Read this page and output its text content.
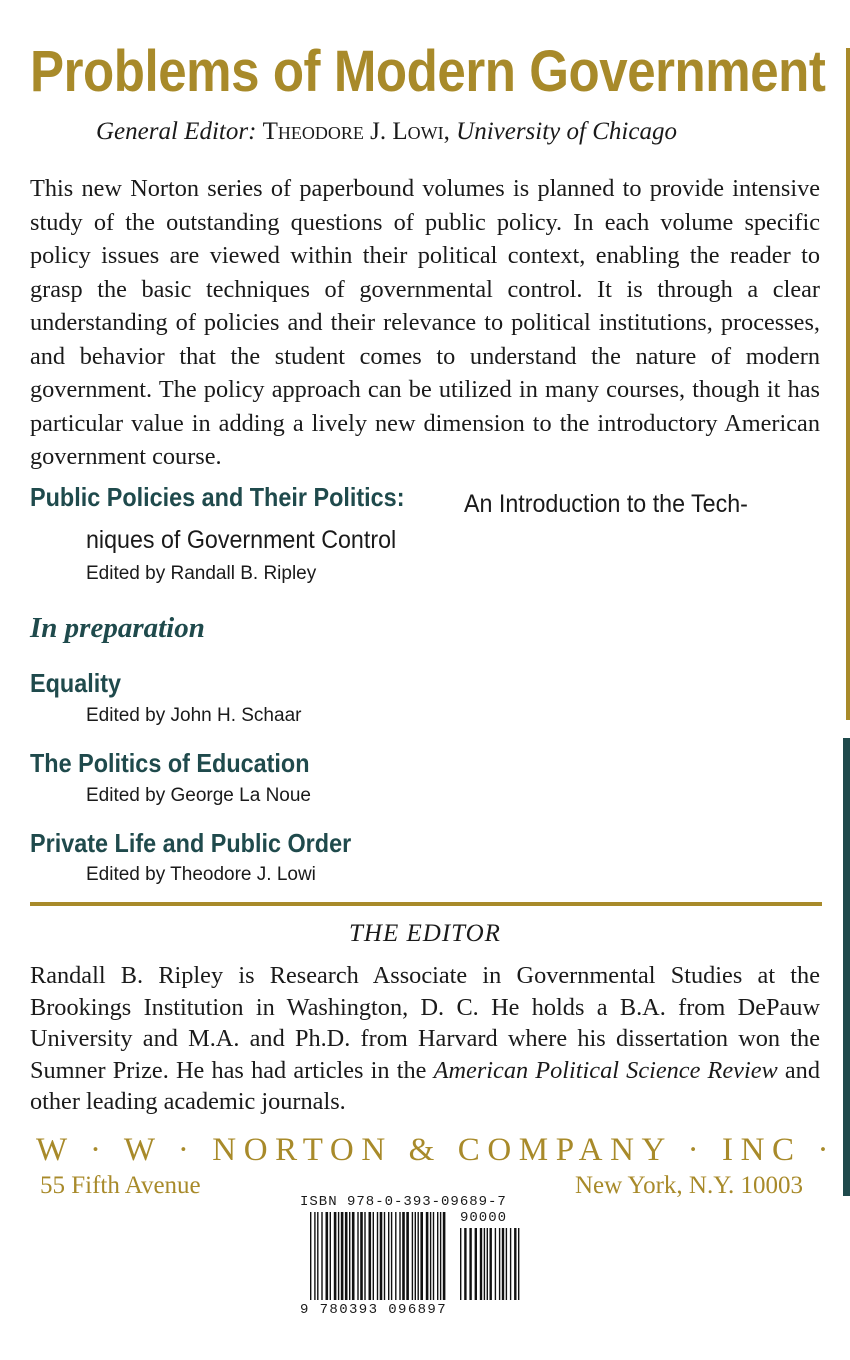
Problems of Modern Government
General Editor: Theodore J. Lowi, University of Chicago
This new Norton series of paperbound volumes is planned to provide intensive study of the outstanding questions of public policy. In each volume specific policy issues are viewed within their political context, enabling the reader to grasp the basic techniques of governmental control. It is through a clear understanding of policies and their relevance to political institutions, processes, and behavior that the student comes to understand the nature of modern government. The policy approach can be utilized in many courses, though it has particular value in adding a lively new dimension to the introductory American government course.
Public Policies and Their Politics: An Introduction to the Tech-
niques of Government Control
Edited by Randall B. Ripley
In preparation
Equality
Edited by John H. Schaar
The Politics of Education
Edited by George La Noue
Private Life and Public Order
Edited by Theodore J. Lowi
THE EDITOR
Randall B. Ripley is Research Associate in Governmental Studies at the Brookings Institution in Washington, D. C. He holds a B.A. from DePauw University and M.A. and Ph.D. from Harvard where his dissertation won the Sumner Prize. He has had articles in the American Political Science Review and other leading academic journals.
W · W · NORTON & COMPANY · INC ·
55 Fifth Avenue	New York, N.Y. 10003
ISBN 978-0-393-09689-7
90000
9 780393 096897
